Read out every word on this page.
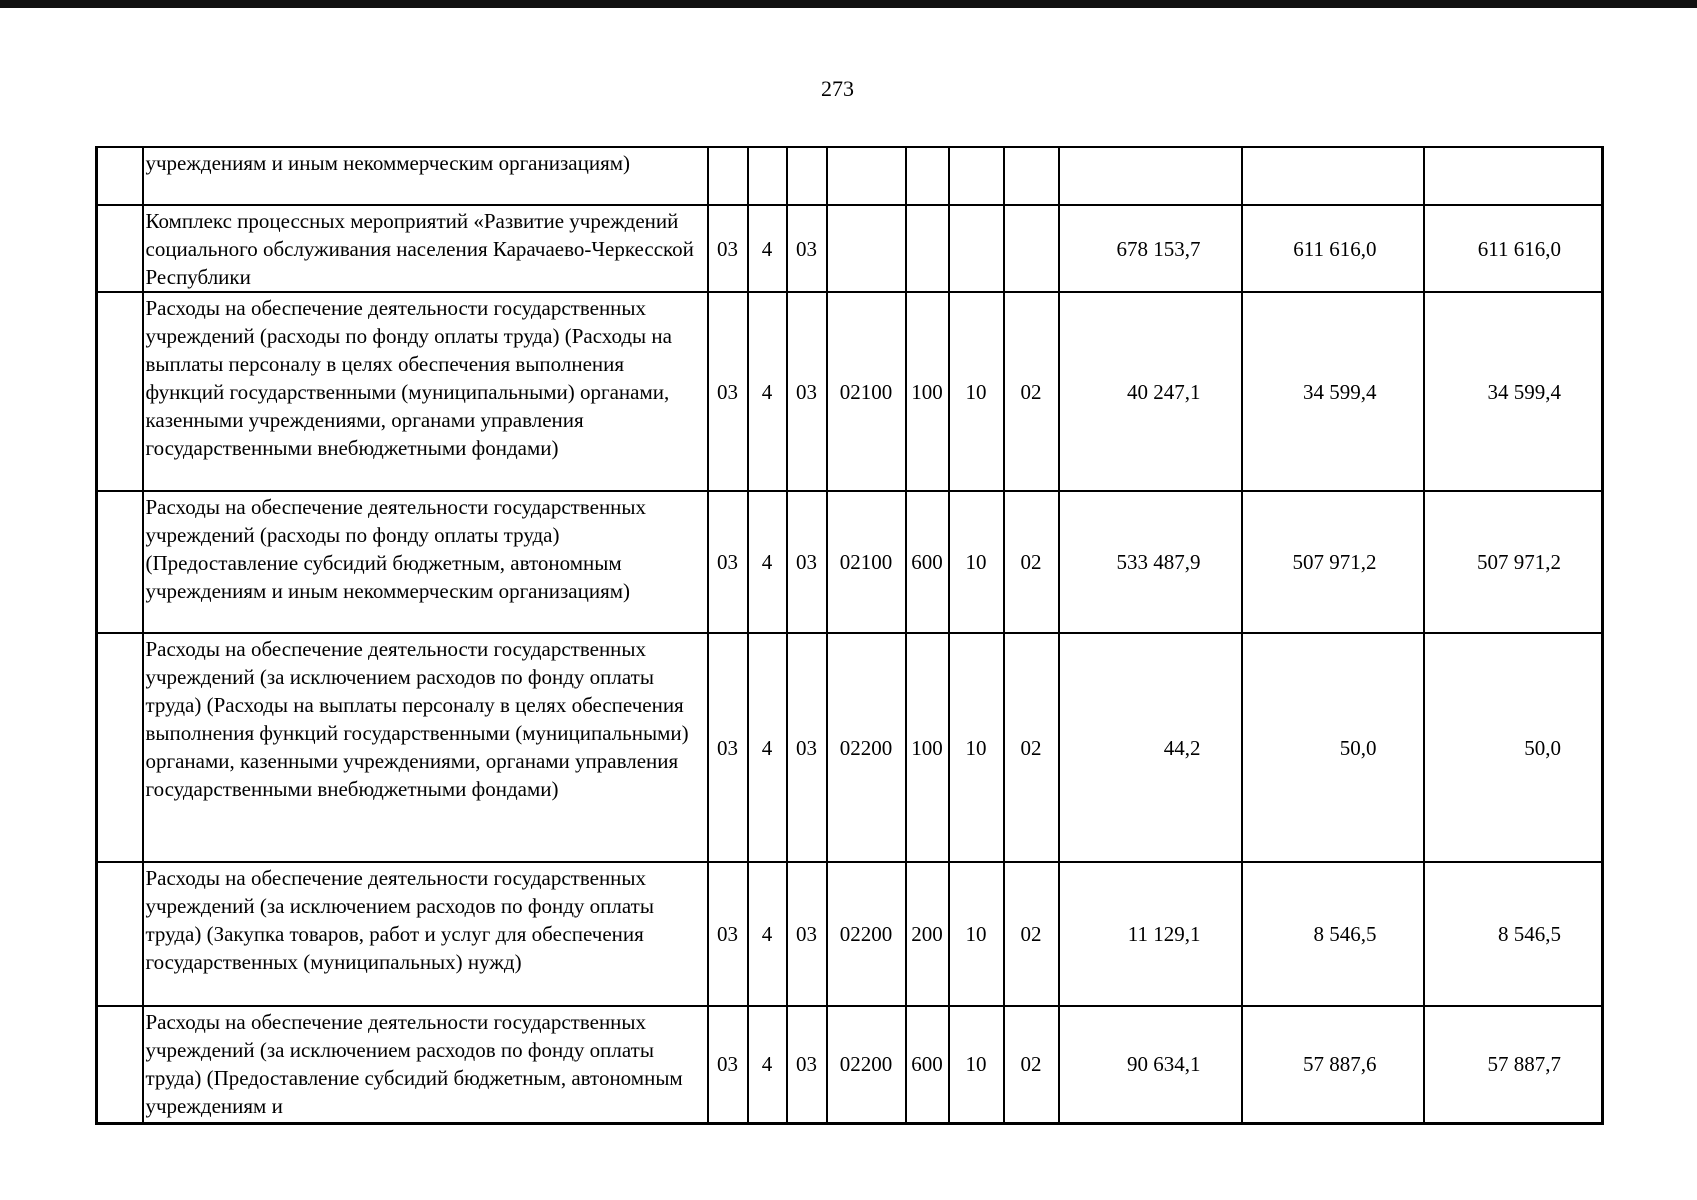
273
	учреждениям и иным некоммерческим организациям)										
	Комплекс процессных мероприятий «Развитие учреждений социального обслуживания населения Карачаево-Черкесской Республики	03	4	03					678 153,7	611 616,0	611 616,0
	Расходы на обеспечение деятельности государственных учреждений (расходы по фонду оплаты труда) (Расходы на выплаты персоналу в целях обеспечения выполнения функций государственными (муниципальными) органами, казенными учреждениями, органами управления государственными внебюджетными фондами)	03	4	03	02100	100	10	02	40 247,1	34 599,4	34 599,4
	Расходы на обеспечение деятельности государственных учреждений (расходы по фонду оплаты труда) (Предоставление субсидий бюджетным, автономным учреждениям и иным некоммерческим организациям)	03	4	03	02100	600	10	02	533 487,9	507 971,2	507 971,2
	Расходы на обеспечение деятельности государственных учреждений (за исключением расходов по фонду оплаты труда) (Расходы на выплаты персоналу в целях обеспечения выполнения функций государственными (муниципальными) органами, казенными учреждениями, органами управления государственными внебюджетными фондами)	03	4	03	02200	100	10	02	44,2	50,0	50,0
	Расходы на обеспечение деятельности государственных учреждений (за исключением расходов по фонду оплаты труда) (Закупка товаров, работ и услуг для обеспечения государственных (муниципальных) нужд)	03	4	03	02200	200	10	02	11 129,1	8 546,5	8 546,5
	Расходы на обеспечение деятельности государственных учреждений (за исключением расходов по фонду оплаты труда) (Предоставление субсидий бюджетным, автономным учреждениям и	03	4	03	02200	600	10	02	90 634,1	57 887,6	57 887,7
